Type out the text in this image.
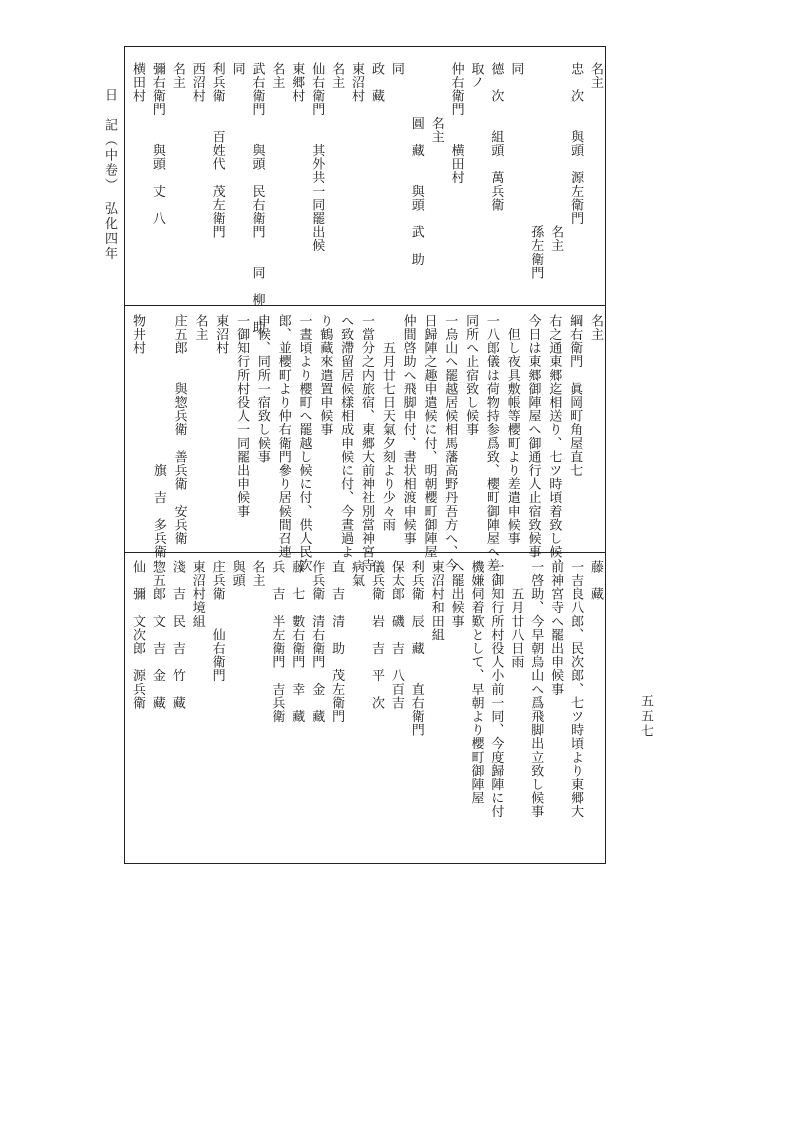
日　記（中卷）　弘化四年
五五七
名主
忠　次　　與頭　源左衛門
　　　　　　　　　　　　名主
　　　　　　　　　　　　孫左衛門
同
德　次　　組頭　萬兵衛
取ノ
仲右衛門　　横田村
　　　　名主
　　　　圓　藏　　與頭　武　助
同
政　藏
東沼村
名主
仙右衛門　　其外共一同罷出候
東郷村
名主
武右衛門　　與頭　民右衛門　　同　柳　助
同
利兵衛　　百姓代　茂左衛門
西沼村
名主
彌右衛門　　與頭　丈　八
横田村
名主
綱右衛門　眞岡町角屋直七
右之通東郷迄相送り、七ツ時頃着致し候、
今日は東郷御陣屋へ御通行人止宿致候事
　但し夜具敷帳等櫻町より差遣申候事
一八郎儀は荷物持参爲致、櫻町御陣屋へ差、
同所へ止宿致し候事
一烏山へ罷越居候相馬藩高野丹吾方へ、今
日歸陣之趣申遣候に付、明朝櫻町御陣屋
仲間啓助へ飛脚申付、書状相渡申候事
　　五月廿七日天氣夕刻より少々雨
一當分之内旅宿、東郷大前神社別當神宮寺
へ致滯留居候樣相成申候に付、今晝過よ
り鶴藏來遣置申候事
一晝頃より櫻町へ罷越し候に付、供人民次
郎、並櫻町より仲右衛門參り居候間召連
申候、同所一宿致し候事
一御知行所村役人一同罷出申候事
東沼村
名主
庄五郎　　與惣兵衛　善兵衛　安兵衛
　　　　　　　　　　　旗　吉　多兵衛
物井村
藤　藏
一吉良八郎、民次郎、七ツ時頃より東郷大
前神宮寺へ罷出申候事
一啓助、今早朝烏山へ爲飛脚出立致し候事
　　五月廿八日雨
一御知行所村役人小前一同、今度歸陣に付
機嫌伺着歎として、早朝より櫻町御陣屋
へ罷出候事
東沼村和田組
利兵衛　辰　藏　　直右衛門
保太郎　磯　吉　八百吉
儀兵衛　岩　吉　平　次
病氣
直　吉　清　助　茂左衛門
作兵衛　清右衛門　金　藏
藤　七　數右衛門　幸　藏
兵　吉　半左衛門　吉兵衛
名主
與頭
庄兵衛　　仙右衛門
東沼村境組
淺　吉　民　吉　竹　藏
惣五郎　文　吉　金　藏
仙　彌　文次郎　源兵衛
